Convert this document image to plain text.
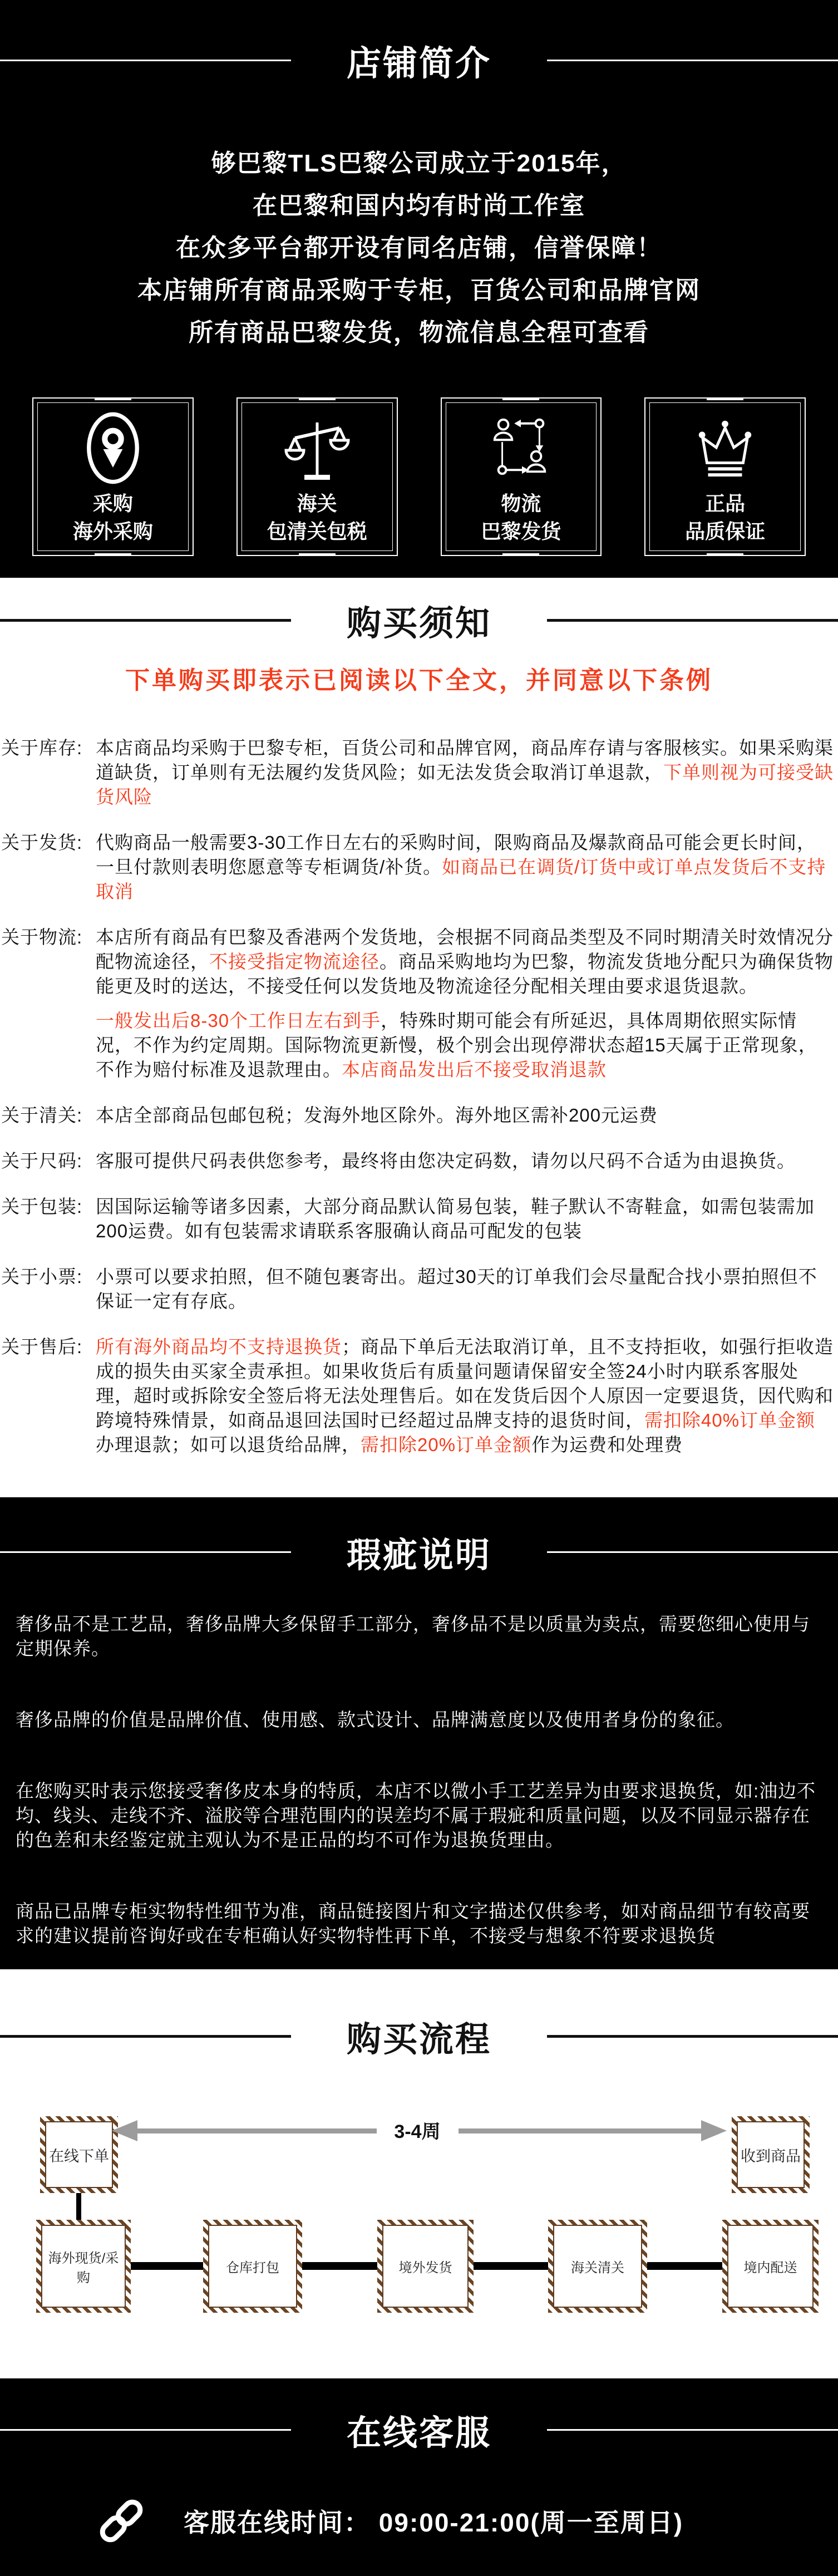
店铺简介

够巴黎TLS巴黎公司成立于2015年，

在巴黎和国内均有时尚工作室

在众多平台都开设有同名店铺，信誉保障！

本店铺所有商品采购于专柜，百货公司和品牌官网

所有商品巴黎发货，物流信息全程可查看

采购

海外采购

海关

包清关包税

物流

巴黎发货

正品

品质保证

购买须知

下单购买即表示已阅读以下全文，并同意以下条例

关于库存: 本店商品均采购于巴黎专柜，百货公司和品牌官网，商品库存请与客服核实。如果采购渠道缺货，订单则有无法履约发货风险；如无法发货会取消订单退款，下单则视为可接受缺货风险
关于发货: 代购商品一般需要3-30工作日左右的采购时间，限购商品及爆款商品可能会更长时间，一旦付款则表明您愿意等专柜调货/补货。如商品已在调货/订货中或订单点发货后不支持取消
关于物流: 本店所有商品有巴黎及香港两个发货地，会根据不同商品类型及不同时期清关时效情况分配物流途径，不接受指定物流途径。商品采购地均为巴黎，物流发货地分配只为确保货物能更及时的送达，不接受任何以发货地及物流途径分配相关理由要求退货退款。
一般发出后8-30个工作日左右到手，特殊时期可能会有所延迟，具体周期依照实际情况，不作为约定周期。国际物流更新慢，极个别会出现停滞状态超15天属于正常现象，不作为赔付标准及退款理由。本店商品发出后不接受取消退款
关于清关: 本店全部商品包邮包税；发海外地区除外。海外地区需补200元运费
关于尺码: 客服可提供尺码表供您参考，最终将由您决定码数，请勿以尺码不合适为由退换货。
关于包装: 因国际运输等诸多因素，大部分商品默认简易包装，鞋子默认不寄鞋盒，如需包装需加200运费。如有包装需求请联系客服确认商品可配发的包装
关于小票: 小票可以要求拍照，但不随包裹寄出。超过30天的订单我们会尽量配合找小票拍照但不保证一定有存底。
关于售后: 所有海外商品均不支持退换货；商品下单后无法取消订单，且不支持拒收，如强行拒收造成的损失由买家全责承担。如果收货后有质量问题请保留安全签24小时内联系客服处理，超时或拆除安全签后将无法处理售后。如在发货后因个人原因一定要退货，因代购和跨境特殊情景，如商品退回法国时已经超过品牌支持的退货时间，需扣除40%订单金额办理退款；如可以退货给品牌，需扣除20%订单金额作为运费和处理费
瑕疵说明

奢侈品不是工艺品，奢侈品牌大多保留手工部分，奢侈品不是以质量为卖点，需要您细心使用与定期保养。

奢侈品牌的价值是品牌价值、使用感、款式设计、品牌满意度以及使用者身份的象征。

在您购买时表示您接受奢侈皮本身的特质，本店不以微小手工艺差异为由要求退换货，如:油边不均、线头、走线不齐、溢胶等合理范围内的误差均不属于瑕疵和质量问题，以及不同显示器存在的色差和未经鉴定就主观认为不是正品的均不可作为退换货理由。

商品已品牌专柜实物特性细节为准，商品链接图片和文字描述仅供参考，如对商品细节有较高要求的建议提前咨询好或在专柜确认好实物特性再下单，不接受与想象不符要求退换货

购买流程
在线下单
3-4周
收到商品
海外现货/采购
仓库打包	境外发货	海关清关	境内配送
在线客服

客服在线时间： 09:00-21:00(周一至周日)
